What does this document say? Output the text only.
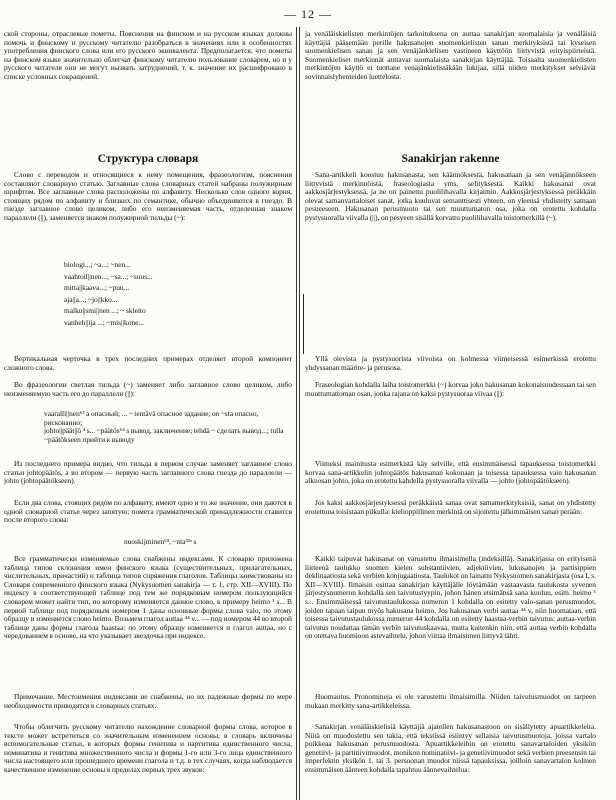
— 12 —

ской стороны, отраслевые пометы. Пояснения на финском и на русском языках должны помочь и финскому и русскому читателю разобраться в значениях или в особенностях употребления финского слова или его русского эквивалента. Предполагается, что пометы на финском языке значительно облегчат финскому читателю пользование словарем, но и у русского читателя они не могут вызвать затруднений, т. к. значение их расшифровано в списке условных сокращений.

Структура словаря

Слово с переводом и относящиеся к нему помещения, фразеологизм, пояснения составляют словарную статью. Заглавные слова словарных статей набраны полужирным шрифтом. Все заглавные слова расположены по алфавиту. Несколько слов одного корня, стоящих рядом по алфавиту и близких по семантике, обычно объединяются в гнездо. В гнезде заглавное слово целиком, либо его неизменяемая часть, отделенная знаком параллели (||), заменяется знаком полужирной тильды (~):

biologi...; ~a...; ~nen...
vaahtoil||nen...; ~sa...; ~suus...
mitta||kaava...; ~puu...
aja||a...; ~jo||kko...
malku||smi||nen ...; ~ skleito
vanheh||ija ...; ~mis||kone...

Вертикальная черточка в трех последних примерах отделяет второй компонент сложного слова.

Во фразеологии светлая тильда (~) заменяет либо заглавное слово целиком, либо неизменяемую часть его до параллели (||):

vaaralli||nen⁶³ а опасный; ... ~ tentävä опасное задание; on ~sta опасно, рискованно;

johto||päät||ö ⁴ s... ~päätös⁶⁴ s вывод, заключение; tehdä ~ сделать вывод...; tulla ~päätökseen прийти к выводу

Из последнего примера видно, что тильда в первом случае заменяет заглавное слово статьи johtopäätös, а во втором — первую часть заглавного слова гнезда до параллели — johto (johtopäätökseen).

Если два слова, стоящих рядом по алфавиту, имеют одно и то же значение, они даются в одной словарной статье через запятую; помета грамматической принадлежности ставится после второго слова:

nuoskijminen⁶³, ~nta³²ᵃ s

Все грамматически изменяемые слова снабжены индексами. К словарю приложена таблица типов склонения имен финского языка (существительных, прилагательных, числительных, причастий) и таблица типов спряжения глаголов. Таблицы заимствованы из Словаря современного финского языка (Nykysuomen sanakirja — т. 1, стр. XII—XVIII). По индексу в соответствующей таблице под тем же порядковым номером пользующийся словарем может найти тип, по которому изменяется данное слово, к примеру heimo ¹ s... В первой таблице под порядковым номером 1 даны основные формы слова valo, по этому образцу и изменяется слово heimo. Возьмем глагол auttaa ⁴⁴ v... — под номером 44 во второй таблице даны формы глагола haastaa: по этому образцу изменяется и глагол auttaa, но с чередованием в основе, на что указывает звездочка при индексе.

Примечание. Местоимения индексами не снабжены, но их падежные формы по мере необходимости приводятся в словарных статьях.

Чтобы облегчить русскому читателю нахождение словарной формы слова, которое в тексте может встретиться со значительным изменением основы, в словарь включены вспомогательные статьи, в которых формы генитива и партитива единственного числа, номинатива и генитива множественного числа и формы 1-го или 3-го лица единственного числа настоящего или прошедшего времени глагола и т.д. в тех случаях, когда наблюдается качественное изменение основы в пределах первых трех звуков:

ja venäläiskielisten merkintöjen tarkoituksena on auttaa sanakirjan suomalaisia ja venäläisiä käyttäjiä pääsemään perille hakusanojen suomenkielisten sanan merkityksistä tai kyseisen suomenkielisen sanan ja sen venäjänkielisen vastineen käyttöön liittyvistä erityispiirteistä. Suomenkieliset merkinnät auttavat suomalaista sanakirjan käyttäjää. Toisaalta suomenkielisten merkintöjen käyttö ei tuottane venäjänkielistäkään lukijaa, sillä niiden merkitykset selviävät sovinnaislyhenteiden luettelosta.

Sanakirjan rakenne

Sana-artikkeli koostuu hakusanasta, sen käännöksestä, hakusanaan ja sen venäjännökseen liittyvistä merkinnöistä, fraseologiasta yms. selityksestä. Kaikki hakusanat ovat aakkosjärjestyksessä, ja ne on painettu puolilihavalla kirjaimin. Aakkosjärjestyksessä peräkkäin olevat samanvartaloiset sanat, jotka kuuluvat semanttisesti yhteen, on yleensä yhdistetty samaan pesueeseen. Hakusanan perusmuoto tai sen muuttumaton osa, joka on erotettu kohdalla pystysuoralla viivalla (||), on pesyeen sisällä korvattu puolilihavalla toistomerkillä (~).

Yllä olevista ja pystysuorista viivoista on kolmessa viimeisessä esimerkissä erotettu yhdyssanan määrite- ja perusosa.

Fraseologian kohdalla laiha toistomerkki (~) korvaa joko hakusanan kokonaisuudessaan tai sen muuttumattoman osan, jonka rajana on kaksi pystysuoraa viivaa (||):

Viimeksi mainitusta esimerkistä käy selville, että ensimmäisessä tapauksessa toistomerkki korvaa sana-artikkelin johtopäätös hakusanan kokonaan ja toisessa tapauksessa vain hakusanan alkuosan johto, joka on erotettu kahdella pystysuoralla viivalla — johto (johtopäätökseen).

Jos kaksi aakkosjärjestyksessä peräkkäistä sanaa ovat samamerkityksisiä, sanat on yhdistetty erotettuna toisistaan pilkulla: kielioppillinen merkintä on sijoitettu jälkimmäisen sanan perään:

Kaikki taipuvat hakusanat on varustettu ilmaisimella (indeksillä). Sanakirjassa on erityisenä liitteenä taulukko suomen kielen substantiivien, adjektiivien, lukusanojen ja partisippien deklinaatiosta sekä verbien konjugaatiosta. Taulukot on lainattu Nykysuomen sanakirjasta (osa I, s. XII—XVIII). Ilmaisin osittaa sanakirjan käyttäjälle löytämään vastaavasta taulukosta syvenen järjestysnumeron kohdalla sen taivutustyypin, johon hänen etsimänsä sana kuuluu, esim. heimo ¹ s... Ensimmäisessä taivutustaulukossa numeron 1 kohdalla on esitetty valo-sanan perusmuodot, joiden tapaan taipuu myös hakusana heimo. Jos hakusanan verbi auttaa ⁴⁴ v, niin huomataan, että toisessa taivutustaulukossa numeron 44 kohdalla on esitetty haastaa-verbin taivutus: auttaa-verbin taivutus noudattaa tämän verbin taivutuskaavaa, mutta kuitenkin niin, että auttaa verbin kohdalla on otettava huomioon astevaihtelu, johon viittaa ilmaisimen liittyvä tähti.

Huomautus. Pronomineja ei ole varustettu ilmaisimilla. Niiden taivutusmuodot on tarpeen mukaan merkitty sana-artikkeleissa.

Sanakirjan venäläiskielisiä käyttäjiä ajatellen hakusanastoon on sisällytetty apuartikkeleita. Niitä on muodostettu sen takia, että tekstissä esiintyy sellaisia taivutusmuotoja, joissa vartalo poikkeaa hakusanan perusmuodosta. Apuartikkeleihin on erotettu sanavartaloiden yksikön genetiivi- ja partitiivimuodot, monikon nominatiivi- ja genetiivimuodot sekä verbien preesensin tai imperfektin yksikön 1. tai 3. persoonan muodot niissä tapauksissa, joilloin sanavartalon kolmen ensimmäisen äänteen kohdalla tapahtuu äännevaihtelua:
